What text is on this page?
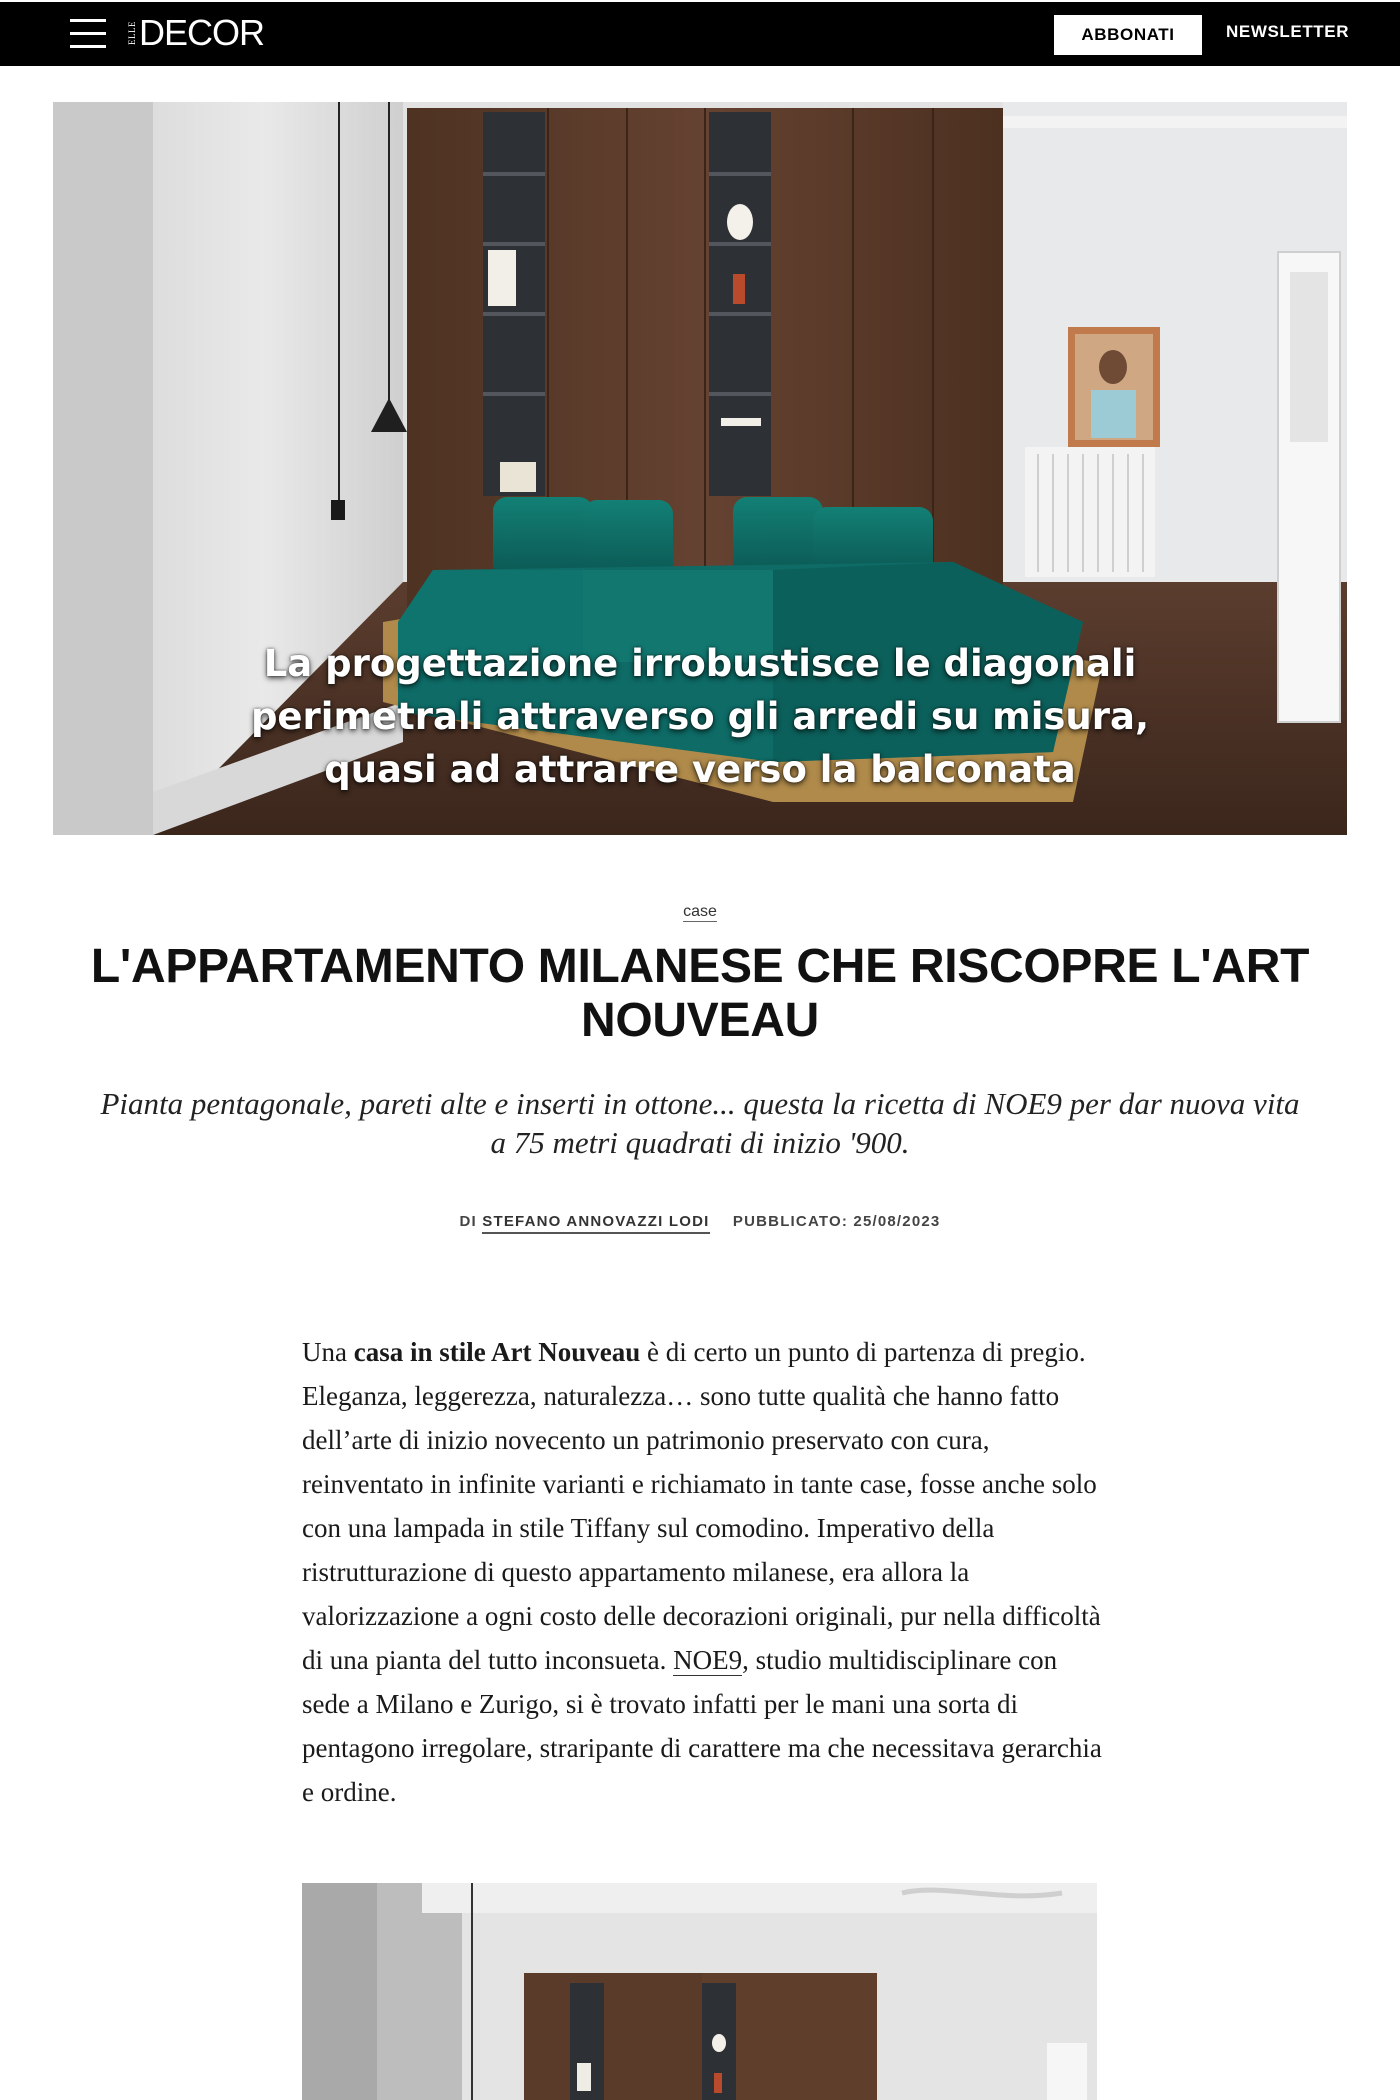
ELLE DECOR	ABBONATI	NEWSLETTER
La progettazione irrobustisce le diagonali
perimetrali attraverso gli arredi su misura,
quasi ad attrarre verso la balconata
case
L'APPARTAMENTO MILANESE CHE RISCOPRE L'ART NOUVEAU

Pianta pentagonale, pareti alte e inserti in ottone... questa la ricetta di NOE9 per dar nuova vita a 75 metri quadrati di inizio '900.

DI STEFANO ANNOVAZZI LODI PUBBLICATO: 25/08/2023

Una casa in stile Art Nouveau è di certo un punto di partenza di pregio. Eleganza, leggerezza, naturalezza… sono tutte qualità che hanno fatto dell’arte di inizio novecento un patrimonio preservato con cura, reinventato in infinite varianti e richiamato in tante case, fosse anche solo con una lampada in stile Tiffany sul comodino. Imperativo della ristrutturazione di questo appartamento milanese, era allora la valorizzazione a ogni costo delle decorazioni originali, pur nella difficoltà di una pianta del tutto inconsueta. NOE9, studio multidisciplinare con sede a Milano e Zurigo, si è trovato infatti per le mani una sorta di pentagono irregolare, straripante di carattere ma che necessitava gerarchia e ordine.
